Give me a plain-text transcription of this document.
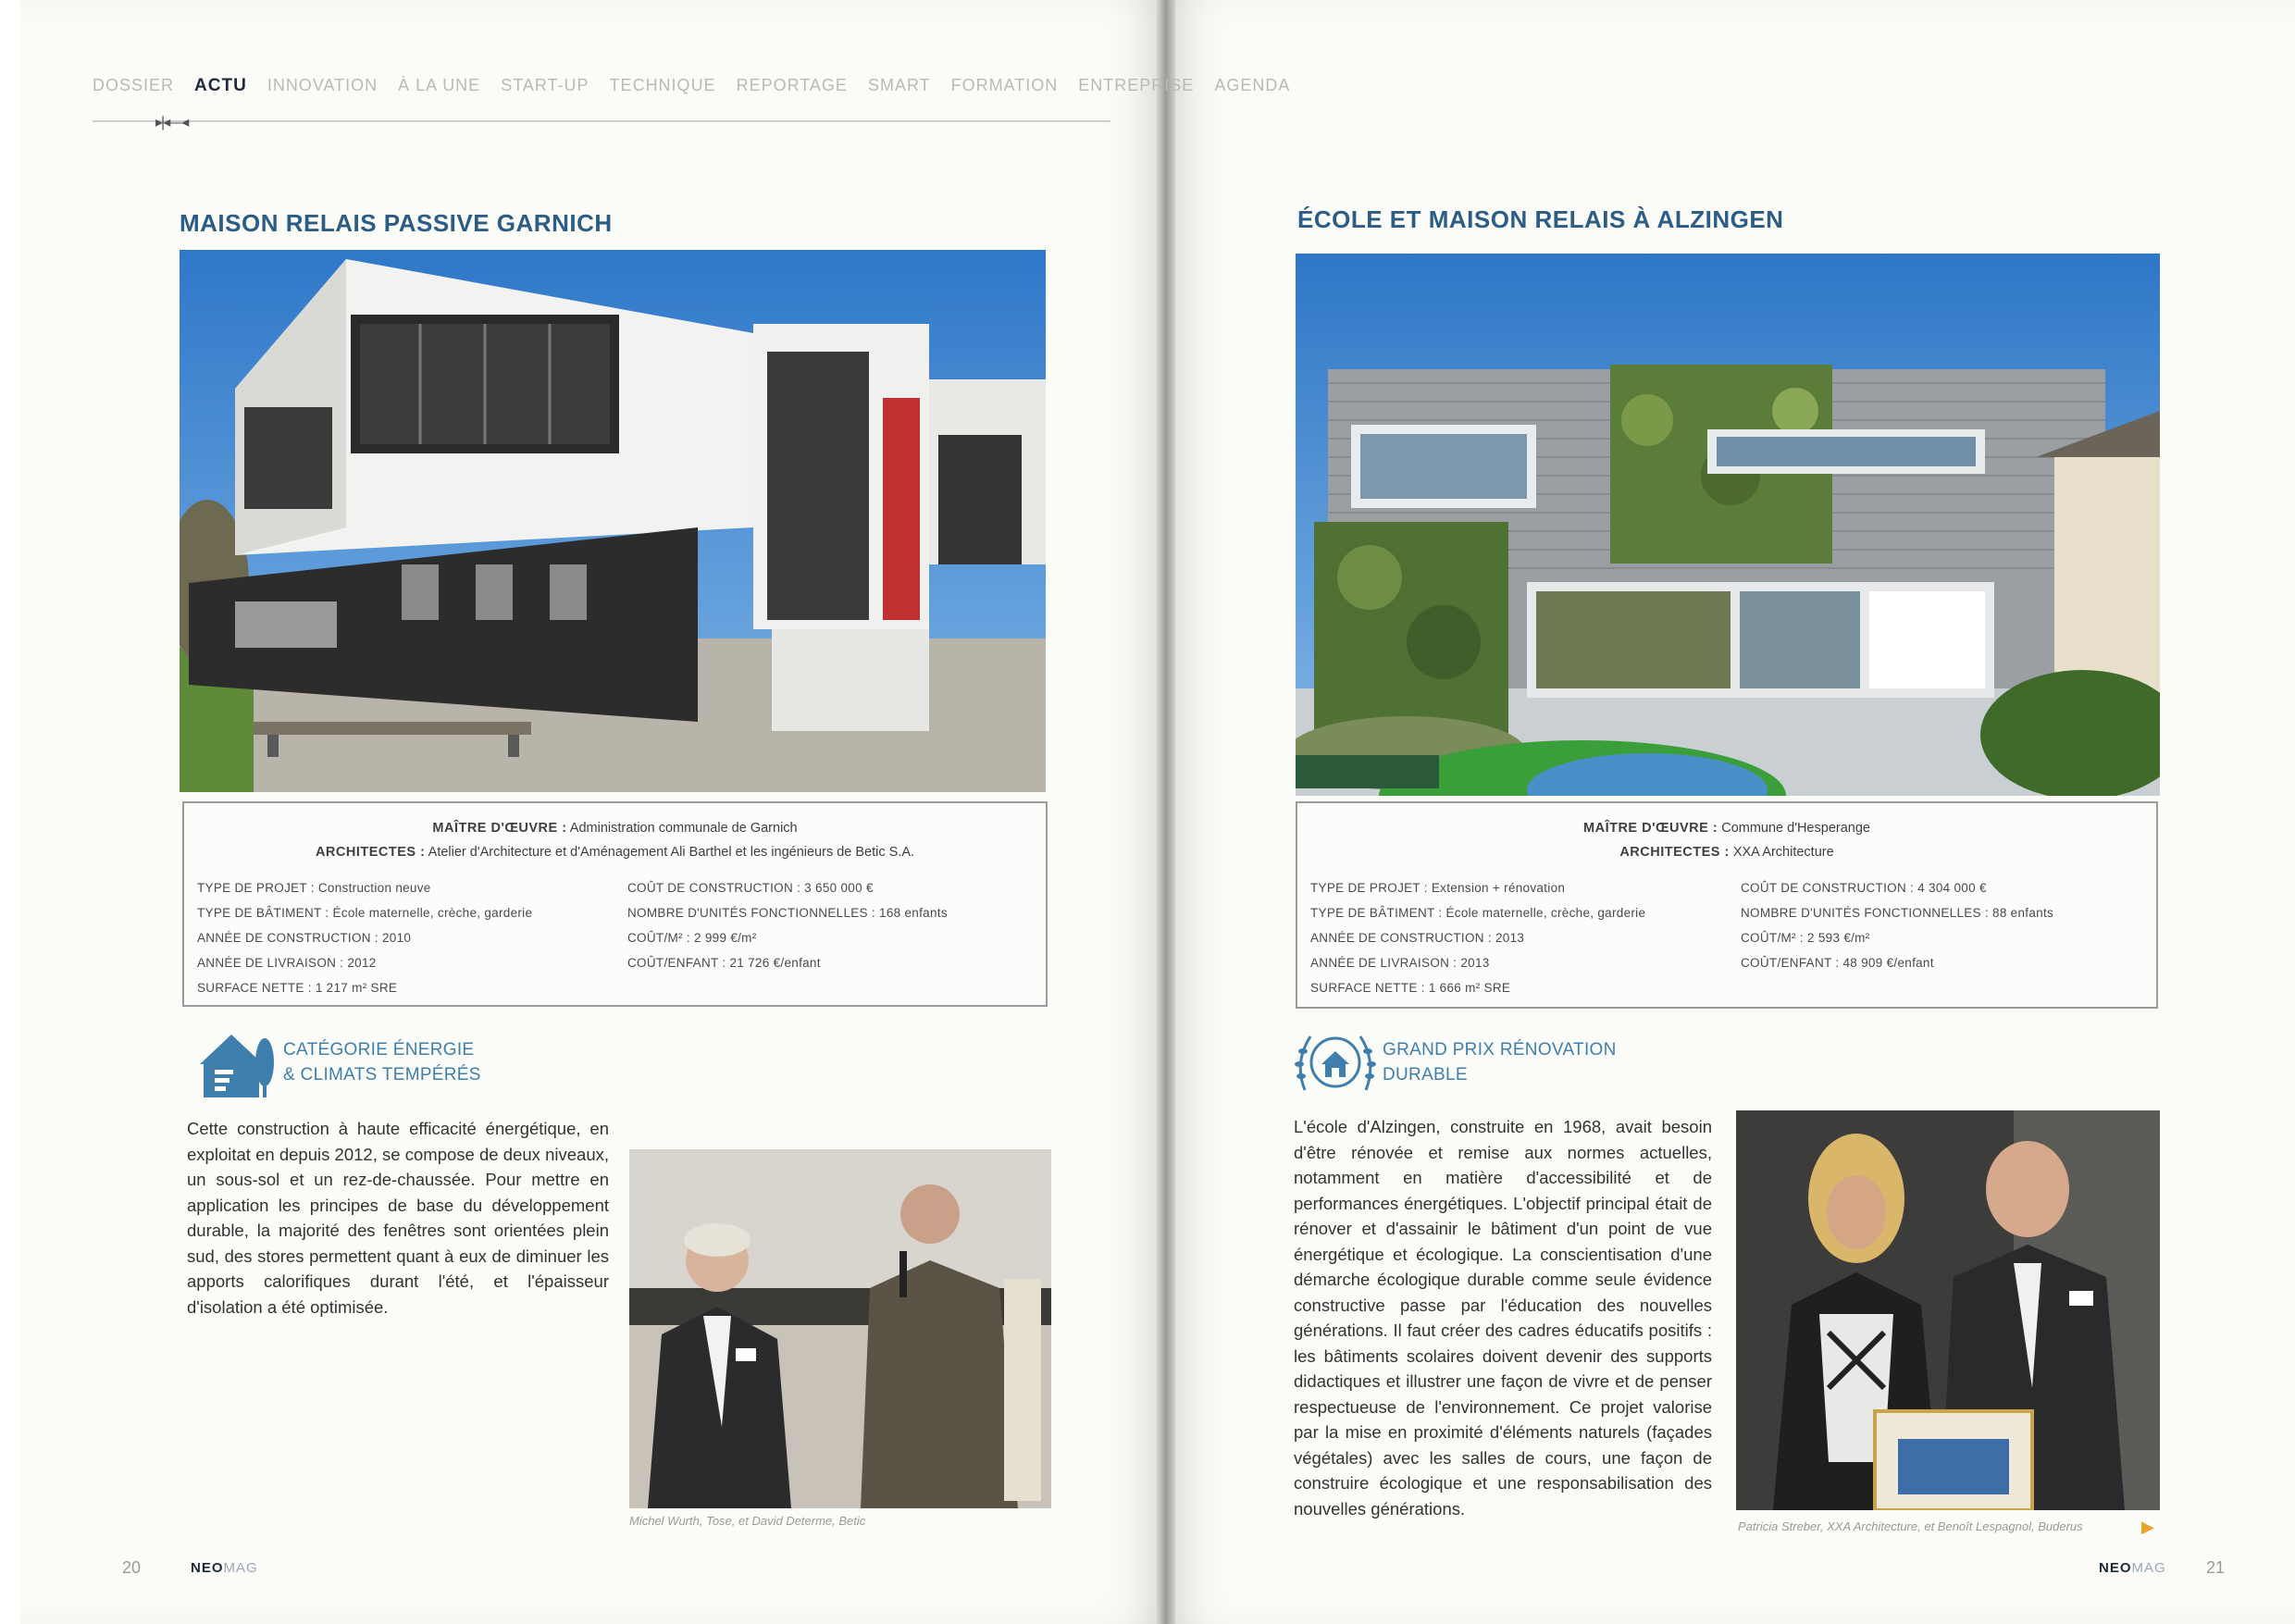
DOSSIER ACTU INNOVATION À LA UNE START-UP TECHNIQUE REPORTAGE SMART FORMATION ENTREPRISE AGENDA
▸|◂—◂
MAISON RELAIS PASSIVE GARNICH
MAÎTRE D'ŒUVRE : Administration communale de Garnich
ARCHITECTES : Atelier d'Architecture et d'Aménagement Ali Barthel et les ingénieurs de Betic S.A.
TYPE DE PROJET : Construction neuve
TYPE DE BÂTIMENT : École maternelle, crèche, garderie
ANNÉE DE CONSTRUCTION : 2010
ANNÉE DE LIVRAISON : 2012
SURFACE NETTE : 1 217 m² SRE
COÛT DE CONSTRUCTION : 3 650 000 €
NOMBRE D'UNITÉS FONCTIONNELLES : 168 enfants
COÛT/M² : 2 999 €/m²
COÛT/ENFANT : 21 726 €/enfant
CATÉGORIE ÉNERGIE
& CLIMATS TEMPÉRÉS
Cette construction à haute efficacité énergétique, en exploitat en depuis 2012, se compose de deux niveaux, un sous-sol et un rez-de-chaussée. Pour mettre en application les principes de base du développement durable, la majorité des fenêtres sont orientées plein sud, des stores permettent quant à eux de diminuer les apports calorifiques durant l'été, et l'épaisseur d'isolation a été optimisée.
Michel Wurth, Tose, et David Determe, Betic
20	NEOMAG
ÉCOLE ET MAISON RELAIS À ALZINGEN
MAÎTRE D'ŒUVRE : Commune d'Hesperange
ARCHITECTES : XXA Architecture
TYPE DE PROJET : Extension + rénovation
TYPE DE BÂTIMENT : École maternelle, crèche, garderie
ANNÉE DE CONSTRUCTION : 2013
ANNÉE DE LIVRAISON : 2013
SURFACE NETTE : 1 666 m² SRE
COÛT DE CONSTRUCTION : 4 304 000 €
NOMBRE D'UNITÉS FONCTIONNELLES : 88 enfants
COÛT/M² : 2 593 €/m²
COÛT/ENFANT : 48 909 €/enfant
GRAND PRIX RÉNOVATION
DURABLE
L'école d'Alzingen, construite en 1968, avait besoin d'être rénovée et remise aux normes actuelles, notamment en matière d'accessibilité et de performances énergétiques. L'objectif principal était de rénover et d'assainir le bâtiment d'un point de vue énergétique et écologique. La conscientisation d'une démarche écologique durable comme seule évidence constructive passe par l'éducation des nouvelles générations. Il faut créer des cadres éducatifs positifs : les bâtiments scolaires doivent devenir des supports didactiques et illustrer une façon de vivre et de penser respectueuse de l'environnement. Ce projet valorise par la mise en proximité d'éléments naturels (façades végétales) avec les salles de cours, une façon de construire écologique et une responsabilisation des nouvelles générations.
Patricia Streber, XXA Architecture, et Benoît Lespagnol, Buderus	▶
NEOMAG 21
